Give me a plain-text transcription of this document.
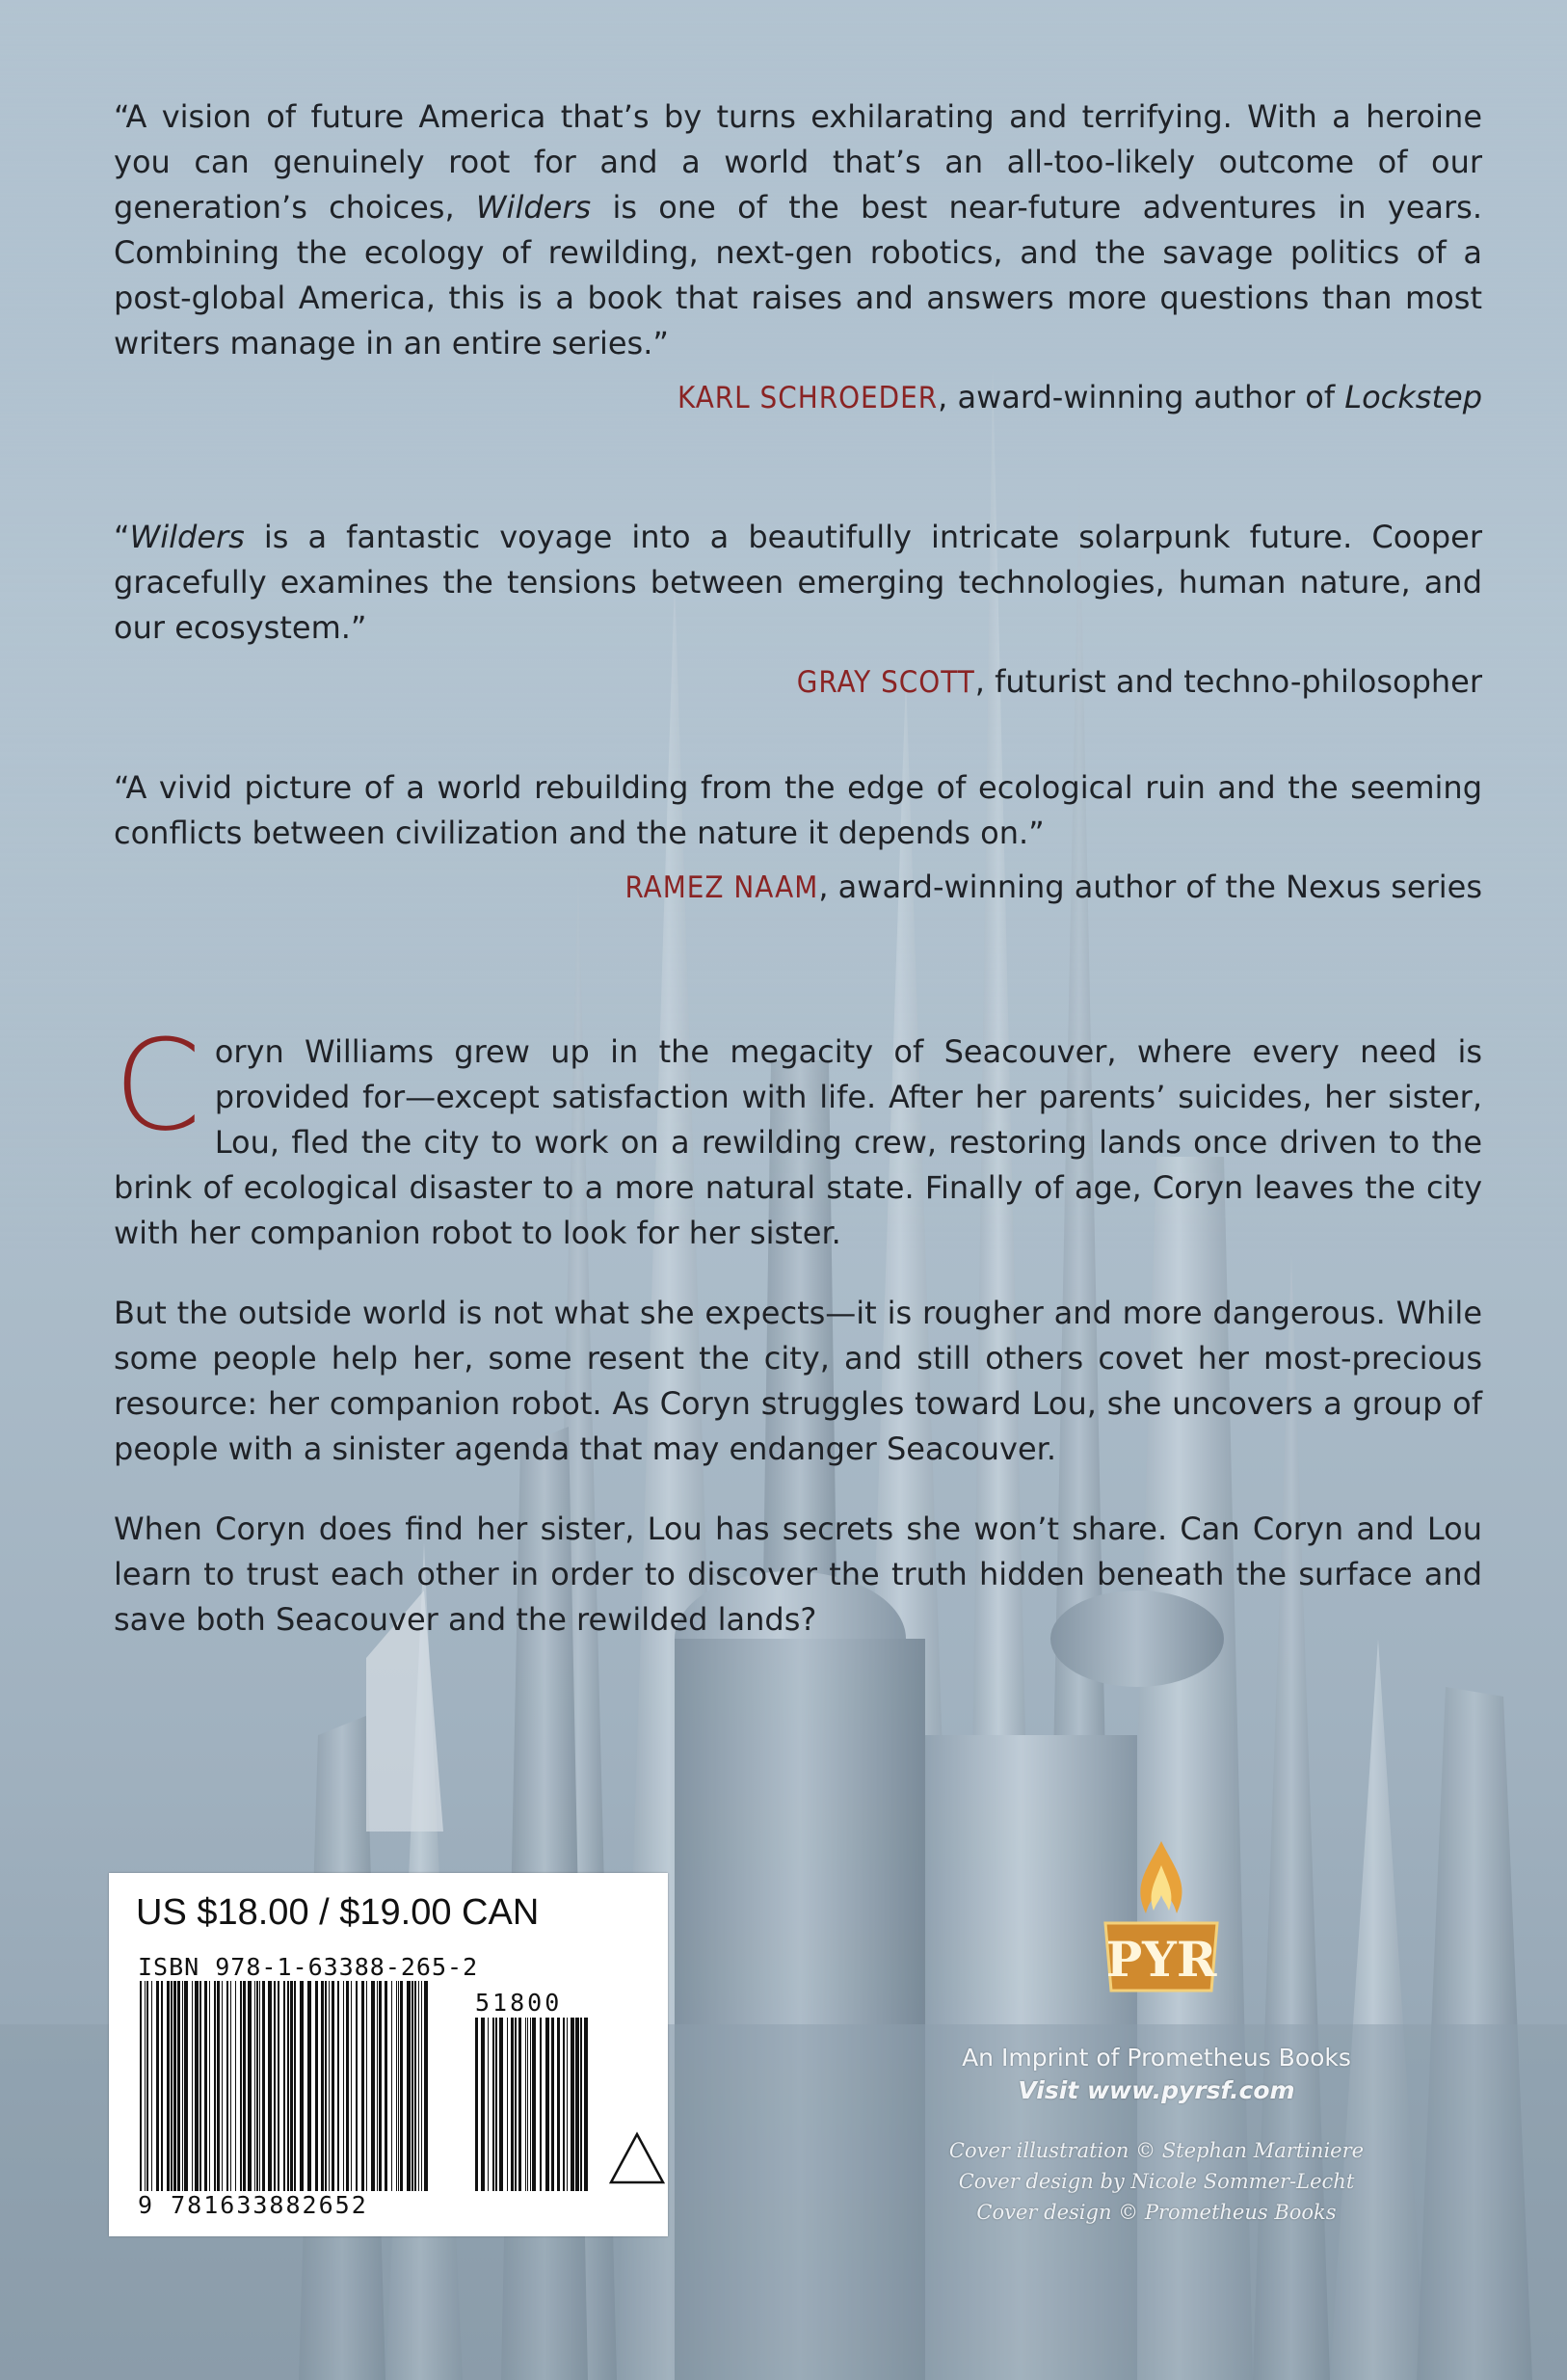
“A vision of future America that’s by turns exhilarating and terrifying. With a heroine you can genuinely root for and a world that’s an all-too-likely outcome of our generation’s choices, Wilders is one of the best near-future adventures in years. Combining the ecology of rewilding, next-gen robotics, and the savage politics of a post-global America, this is a book that raises and answers more questions than most writers manage in an entire series.”

KARL SCHROEDER, award-winning author of Lockstep

“Wilders is a fantastic voyage into a beautifully intricate solarpunk future. Cooper gracefully examines the tensions between emerging technologies, human nature, and our ecosystem.”

GRAY SCOTT, futurist and techno-philosopher

“A vivid picture of a world rebuilding from the edge of ecological ruin and the seeming conflicts between civilization and the nature it depends on.”

RAMEZ NAAM, award-winning author of the Nexus series

Coryn Williams grew up in the megacity of Seacouver, where every need is provided for—except satisfaction with life. After her parents’ suicides, her sister, Lou, fled the city to work on a rewilding crew, restoring lands once driven to the brink of ecological disaster to a more natural state. Finally of age, Coryn leaves the city with her companion robot to look for her sister.

But the outside world is not what she expects—it is rougher and more dangerous. While some people help her, some resent the city, and still others covet her most-precious resource: her companion robot. As Coryn struggles toward Lou, she uncovers a group of people with a sinister agenda that may endanger Seacouver.

When Coryn does find her sister, Lou has secrets she won’t share. Can Coryn and Lou learn to trust each other in order to discover the truth hidden beneath the surface and save both Seacouver and the rewilded lands?

US $18.00 / $19.00 CAN
ISBN 978-1-63388-265-2
51800
9 781633882652
PYR
An Imprint of Prometheus Books
Visit www.pyrsf.com
Cover illustration © Stephan Martiniere
Cover design by Nicole Sommer-Lecht
Cover design © Prometheus Books
